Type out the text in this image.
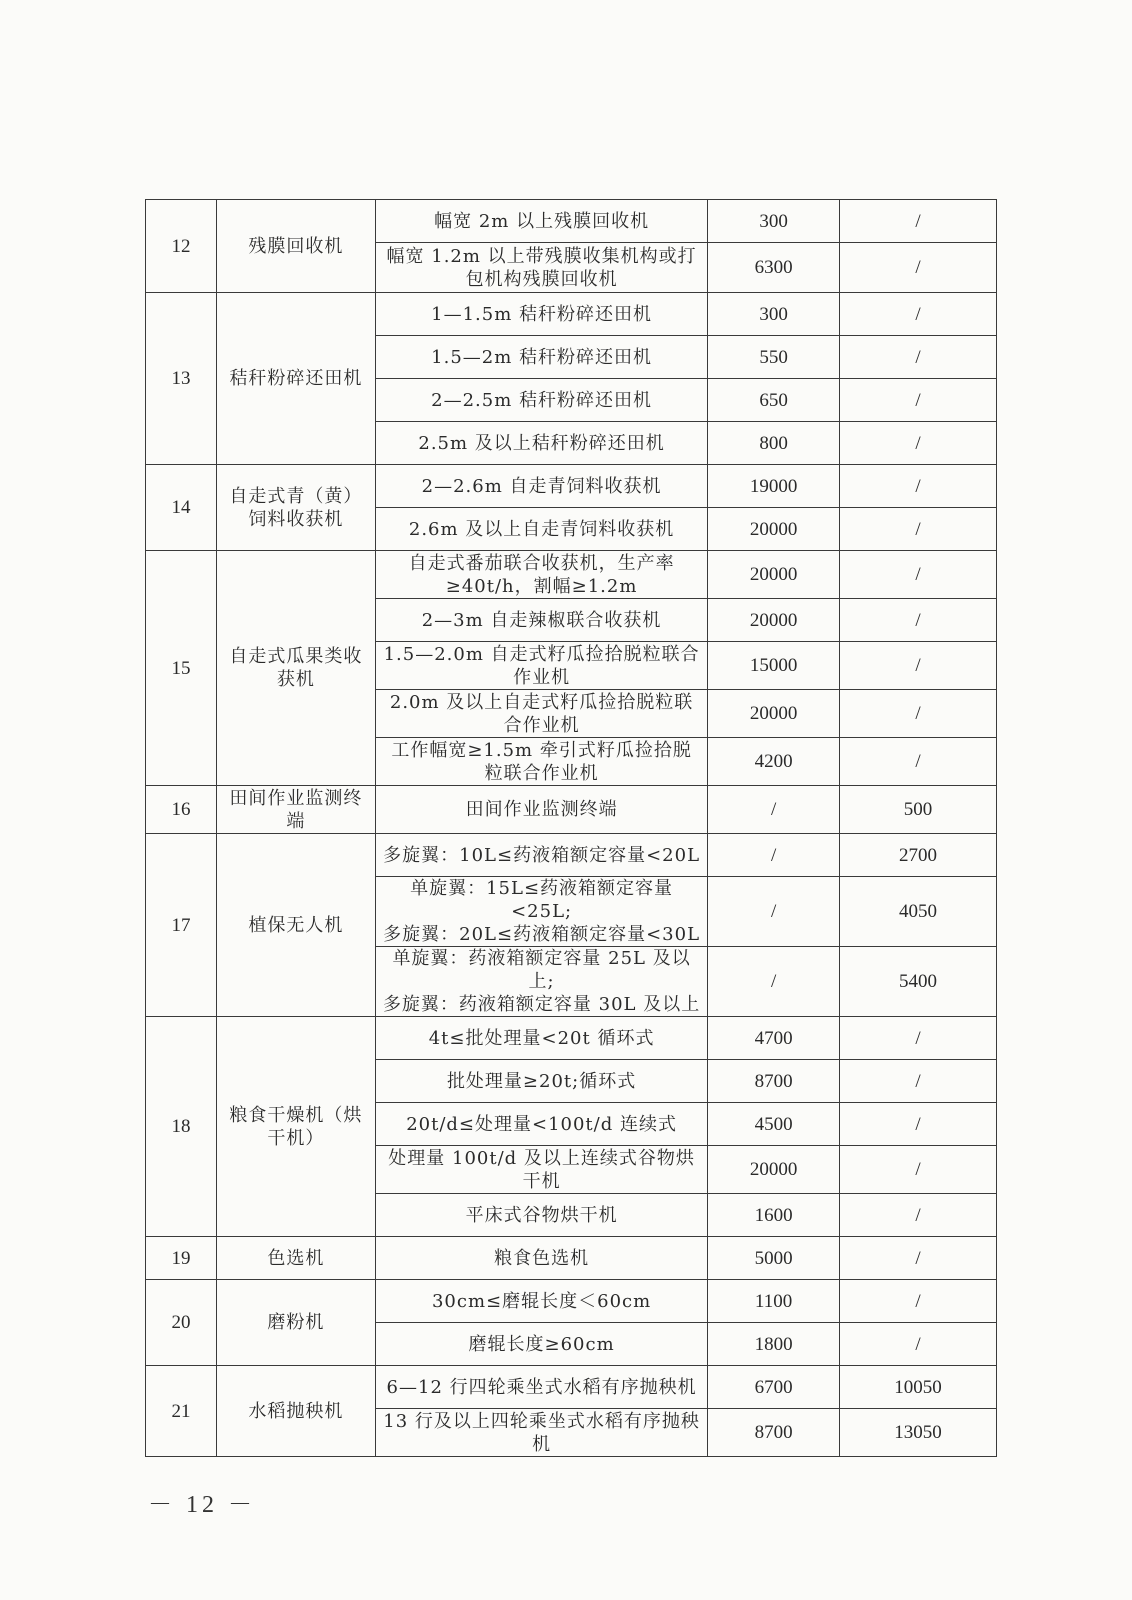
12	残膜回收机	幅宽 2m 以上残膜回收机	300	/
		幅宽 1.2m 以上带残膜收集机构或打包机构残膜回收机	6300	/
13	秸秆粉碎还田机	1—1.5m 秸秆粉碎还田机	300	/
		1.5—2m 秸秆粉碎还田机	550	/
		2—2.5m 秸秆粉碎还田机	650	/
		2.5m 及以上秸秆粉碎还田机	800	/
14	自走式青（黄）饲料收获机	2—2.6m 自走青饲料收获机	19000	/
		2.6m 及以上自走青饲料收获机	20000	/
15	自走式瓜果类收获机	自走式番茄联合收获机，生产率≥40t/h，割幅≥1.2m	20000	/
		2—3m 自走辣椒联合收获机	20000	/
		1.5—2.0m 自走式籽瓜捡拾脱粒联合作业机	15000	/
		2.0m 及以上自走式籽瓜捡拾脱粒联合作业机	20000	/
		工作幅宽≥1.5m 牵引式籽瓜捡拾脱粒联合作业机	4200	/
16	田间作业监测终端	田间作业监测终端	/	500
17	植保无人机	多旋翼：10L≤药液箱额定容量<20L	/	2700
		单旋翼：15L≤药液箱额定容量<25L;
多旋翼：20L≤药液箱额定容量<30L	/	4050
		单旋翼：药液箱额定容量 25L 及以上;
多旋翼：药液箱额定容量 30L 及以上	/	5400
18	粮食干燥机（烘干机）	4t≤批处理量<20t 循环式	4700	/
		批处理量≥20t;循环式	8700	/
		20t/d≤处理量<100t/d 连续式	4500	/
		处理量 100t/d 及以上连续式谷物烘干机	20000	/
		平床式谷物烘干机	1600	/
19	色选机	粮食色选机	5000	/
20	磨粉机	30cm≤磨辊长度＜60cm	1100	/
		磨辊长度≥60cm	1800	/
21	水稻抛秧机	6—12 行四轮乘坐式水稻有序抛秧机	6700	10050
		13 行及以上四轮乘坐式水稻有序抛秧机	8700	13050
－ 12 －
